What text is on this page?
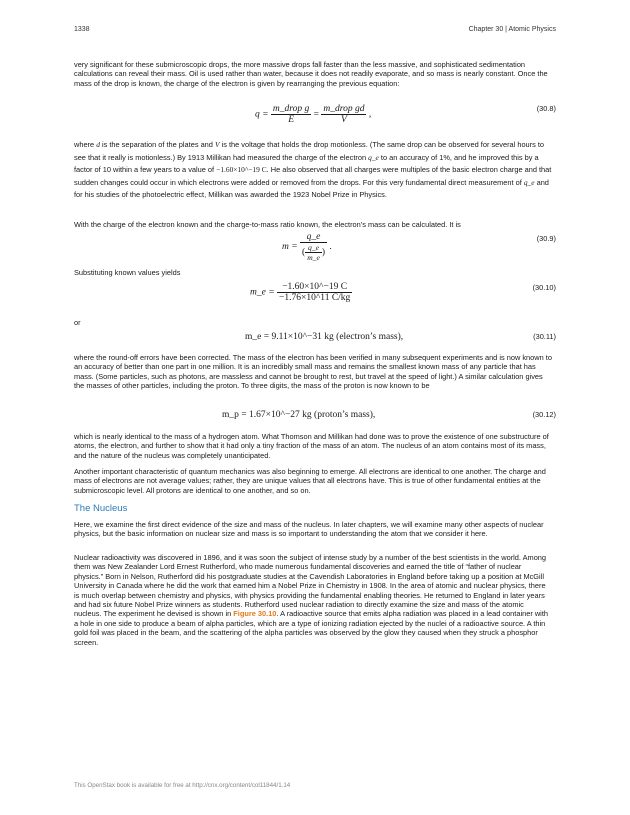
1338	Chapter 30 | Atomic Physics

very significant for these submicroscopic drops, the more massive drops fall faster than the less massive, and sophisticated sedimentation calculations can reveal their mass. Oil is used rather than water, because it does not readily evaporate, and so mass is nearly constant. Once the mass of the drop is known, the charge of the electron is given by rearranging the previous equation:

$q = \frac{\text{m\_drop g}}{E} = \frac{\text{m\_drop gd}}{V}$ ,
(30.8)

where d is the separation of the plates and V is the voltage that holds the drop motionless. (The same drop can be observed for several hours to see that it really is motionless.) By 1913 Millikan had measured the charge of the electron q_e to an accuracy of 1%, and he improved this by a factor of 10 within a few years to a value of −1.60×10^−19 C. He also observed that all charges were multiples of the basic electron charge and that sudden changes could occur in which electrons were added or removed from the drops. For this very fundamental direct measurement of q_e and for his studies of the photoelectric effect, Millikan was awarded the 1923 Nobel Prize in Physics.

With the charge of the electron known and the charge-to-mass ratio known, the electron’s mass can be calculated. It is

$m = \frac{q\_e}{( \frac{q\_e}{m\_e} )}$ .
(30.9)

Substituting known values yields

m_e = $\frac{-1.60\times 10\^{}-19 C}{-1.76\times 10\^{}11 C/kg}$	(30.10)

or

m_e = 9.11×10^−31 kg (electron’s mass),	(30.11)

where the round-off errors have been corrected. The mass of the electron has been verified in many subsequent experiments and is now known to an accuracy of better than one part in one million. It is an incredibly small mass and remains the smallest known mass of any particle that has mass. (Some particles, such as photons, are massless and cannot be brought to rest, but travel at the speed of light.) A similar calculation gives the masses of other particles, including the proton. To three digits, the mass of the proton is now known to be

m_p = 1.67×10^−27 kg (proton’s mass),	(30.12)

which is nearly identical to the mass of a hydrogen atom. What Thomson and Millikan had done was to prove the existence of one substructure of atoms, the electron, and further to show that it had only a tiny fraction of the mass of an atom. The nucleus of an atom contains most of its mass, and the nature of the nucleus was completely unanticipated.

Another important characteristic of quantum mechanics was also beginning to emerge. All electrons are identical to one another. The charge and mass of electrons are not average values; rather, they are unique values that all electrons have. This is true of other fundamental entities at the submicroscopic level. All protons are identical to one another, and so on.

The Nucleus

Here, we examine the first direct evidence of the size and mass of the nucleus. In later chapters, we will examine many other aspects of nuclear physics, but the basic information on nuclear size and mass is so important to understanding the atom that we consider it here.

Nuclear radioactivity was discovered in 1896, and it was soon the subject of intense study by a number of the best scientists in the world. Among them was New Zealander Lord Ernest Rutherford, who made numerous fundamental discoveries and earned the title of “father of nuclear physics.” Born in Nelson, Rutherford did his postgraduate studies at the Cavendish Laboratories in England before taking up a position at McGill University in Canada where he did the work that earned him a Nobel Prize in Chemistry in 1908. In the area of atomic and nuclear physics, there is much overlap between chemistry and physics, with physics providing the fundamental enabling theories. He returned to England in later years and had six future Nobel Prize winners as students. Rutherford used nuclear radiation to directly examine the size and mass of the atomic nucleus. The experiment he devised is shown in Figure 30.10. A radioactive source that emits alpha radiation was placed in a lead container with a hole in one side to produce a beam of alpha particles, which are a type of ionizing radiation ejected by the nuclei of a radioactive source. A thin gold foil was placed in the beam, and the scattering of the alpha particles was observed by the glow they caused when they struck a phosphor screen.

This OpenStax book is available for free at http://cnx.org/content/col11844/1.14
